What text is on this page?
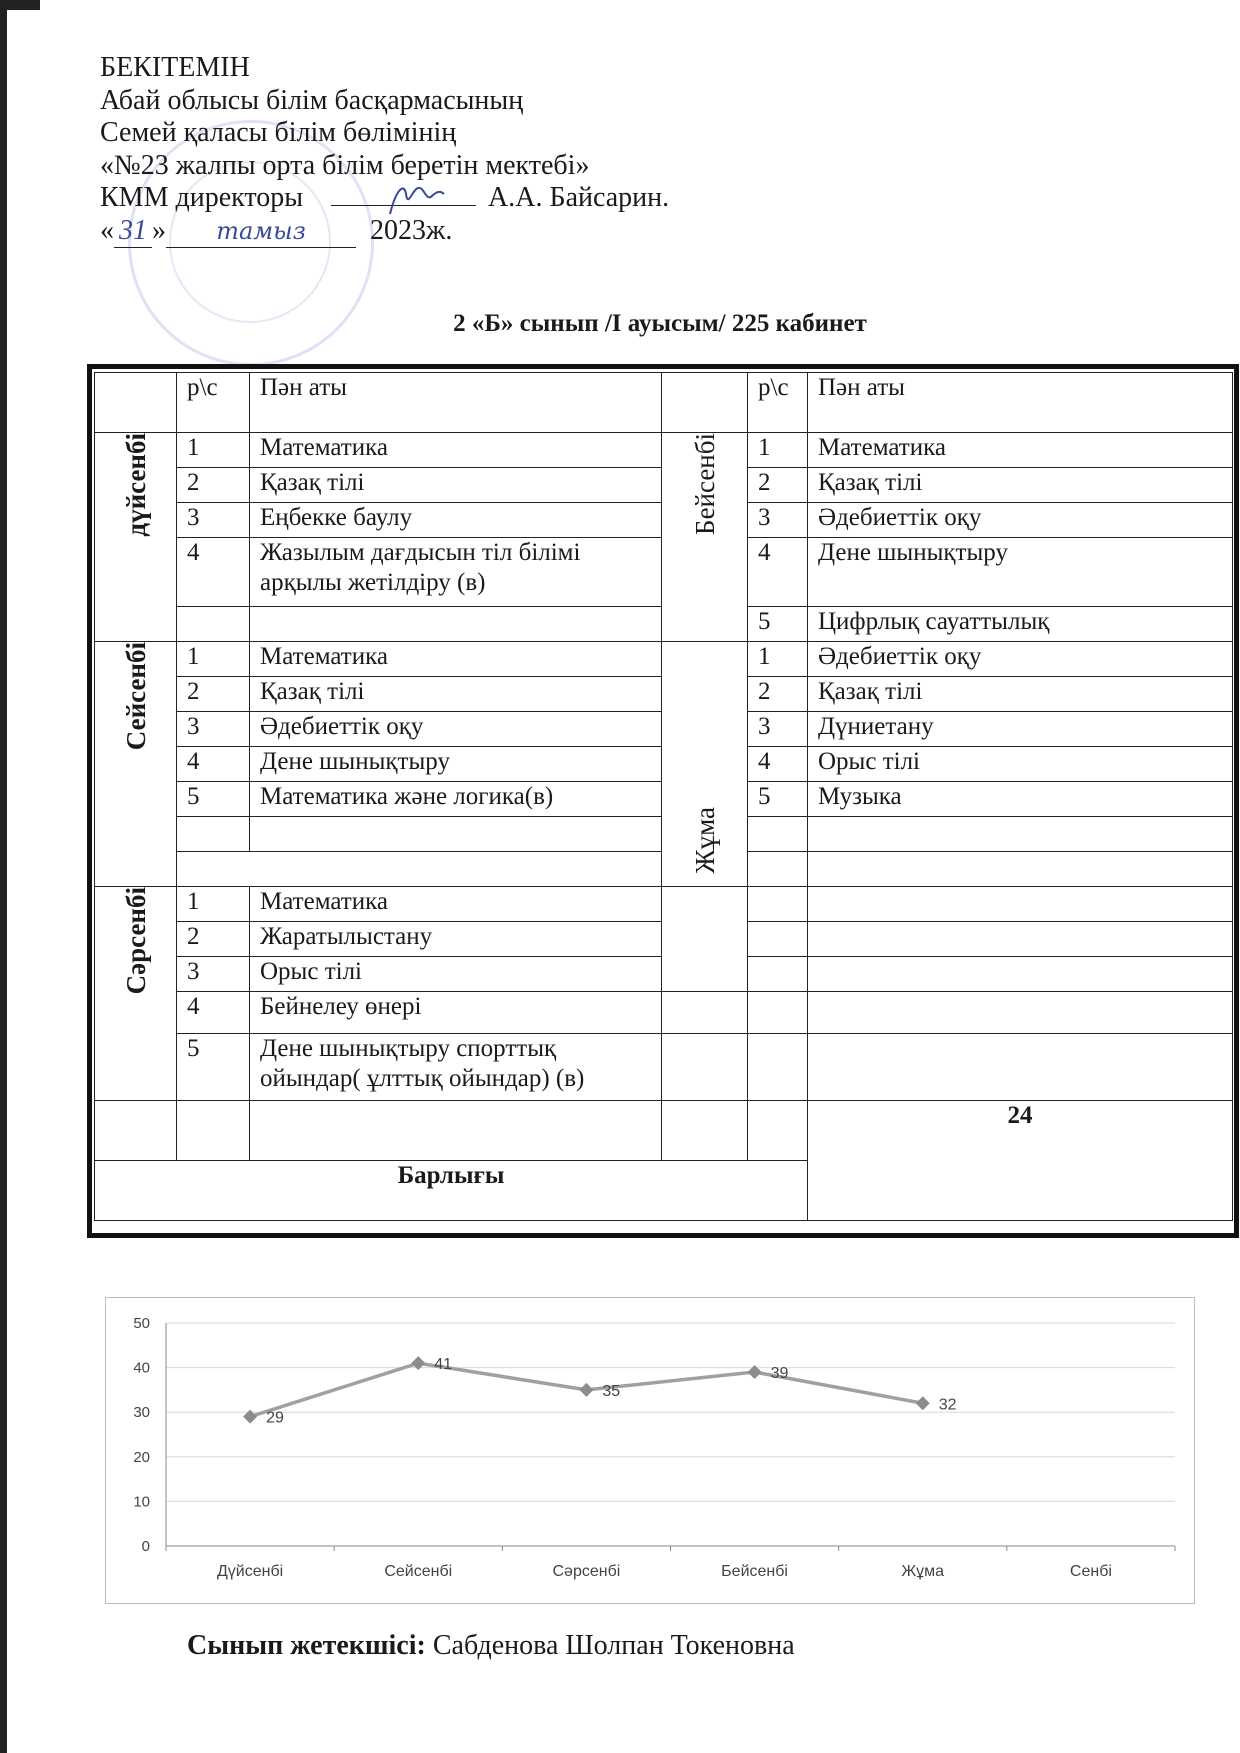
БЕКІТЕМІН
Абай облысы білім басқармасының
Семей қаласы білім бөлімінің
«№23 жалпы орта білім беретін мектебі»
КММ директоры	А.А. Байсарин.
« 31 » тамыз 2023ж.
2 «Б» сынып /І ауысым/ 225 кабинет
	р\с	Пән аты		р\с	Пән аты
дүйсенбі	1	Математика	Бейсенбі	1	Математика
	2	Қазақ тілі		2	Қазақ тілі
	3	Еңбекке баулу		3	Әдебиеттік оқу
	4	Жазылым дағдысын тіл білімі арқылы жетілдіру (в)		4	Дене шынықтыру
				5	Цифрлық сауаттылық
Сейсенбі	1	Математика	Жұма	1	Әдебиеттік оқу
	2	Қазақ тілі		2	Қазақ тілі
	3	Әдебиеттік оқу		3	Дүниетану
	4	Дене шынықтыру		4	Орыс тілі
	5	Математика және логика(в)		5	Музыка

Сәрсенбі	1	Математика			
	2	Жаратылыстану			
	3	Орыс тілі			
	4	Бейнелеу өнері			
	5	Дене шынықтыру спорттық ойындар( ұлттық ойындар) (в)			
					24
Барлығы					
0
10
20
30
40
50
Дүйсенбі	Сейсенбі	Сәрсенбі	Бейсенбі	Жұма	Сенбі
29
41
35
39
32
Сынып жетекшісі: Сабденова Шолпан Токеновна
